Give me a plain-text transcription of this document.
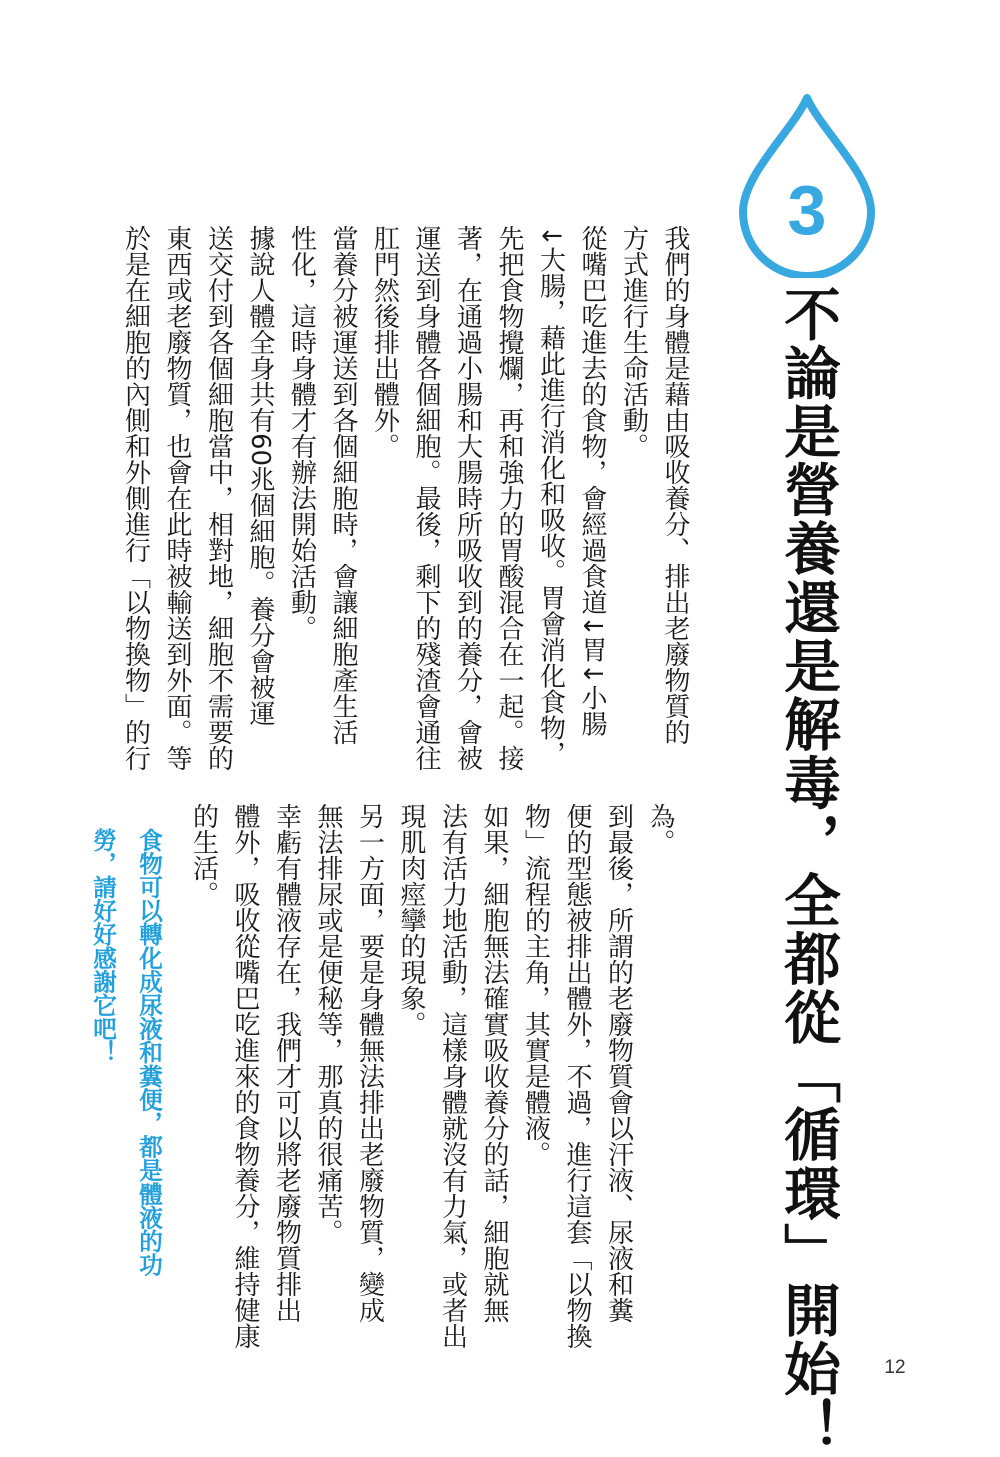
3
不論是營養還是解毒，全都從「循環」開始！
我們的身體是藉由吸收養分、排出老廢物質的
方式進行生命活動。
從嘴巴吃進去的食物，會經過食道↓胃↓小腸
↓大腸，藉此進行消化和吸收。胃會消化食物，
先把食物攪爛，再和強力的胃酸混合在一起。接
著，在通過小腸和大腸時所吸收到的養分，會被
運送到身體各個細胞。最後，剩下的殘渣會通往
肛門然後排出體外。
當養分被運送到各個細胞時，會讓細胞產生活
性化，這時身體才有辦法開始活動。
據說人體全身共有60兆個細胞。養分會被運
送交付到各個細胞當中，相對地，細胞不需要的
東西或老廢物質，也會在此時被輸送到外面。等
於是在細胞的內側和外側進行「以物換物」的行
為。
到最後，所謂的老廢物質會以汗液、尿液和糞
便的型態被排出體外，不過，進行這套「以物換
物」流程的主角，其實是體液。
如果，細胞無法確實吸收養分的話，細胞就無
法有活力地活動，這樣身體就沒有力氣，或者出
現肌肉痙攣的現象。
另一方面，要是身體無法排出老廢物質，變成
無法排尿或是便秘等，那真的很痛苦。
幸虧有體液存在，我們才可以將老廢物質排出
體外，吸收從嘴巴吃進來的食物養分，維持健康
的生活。
食物可以轉化成尿液和糞便，都是體液的功
勞，請好好感謝它吧！
12
